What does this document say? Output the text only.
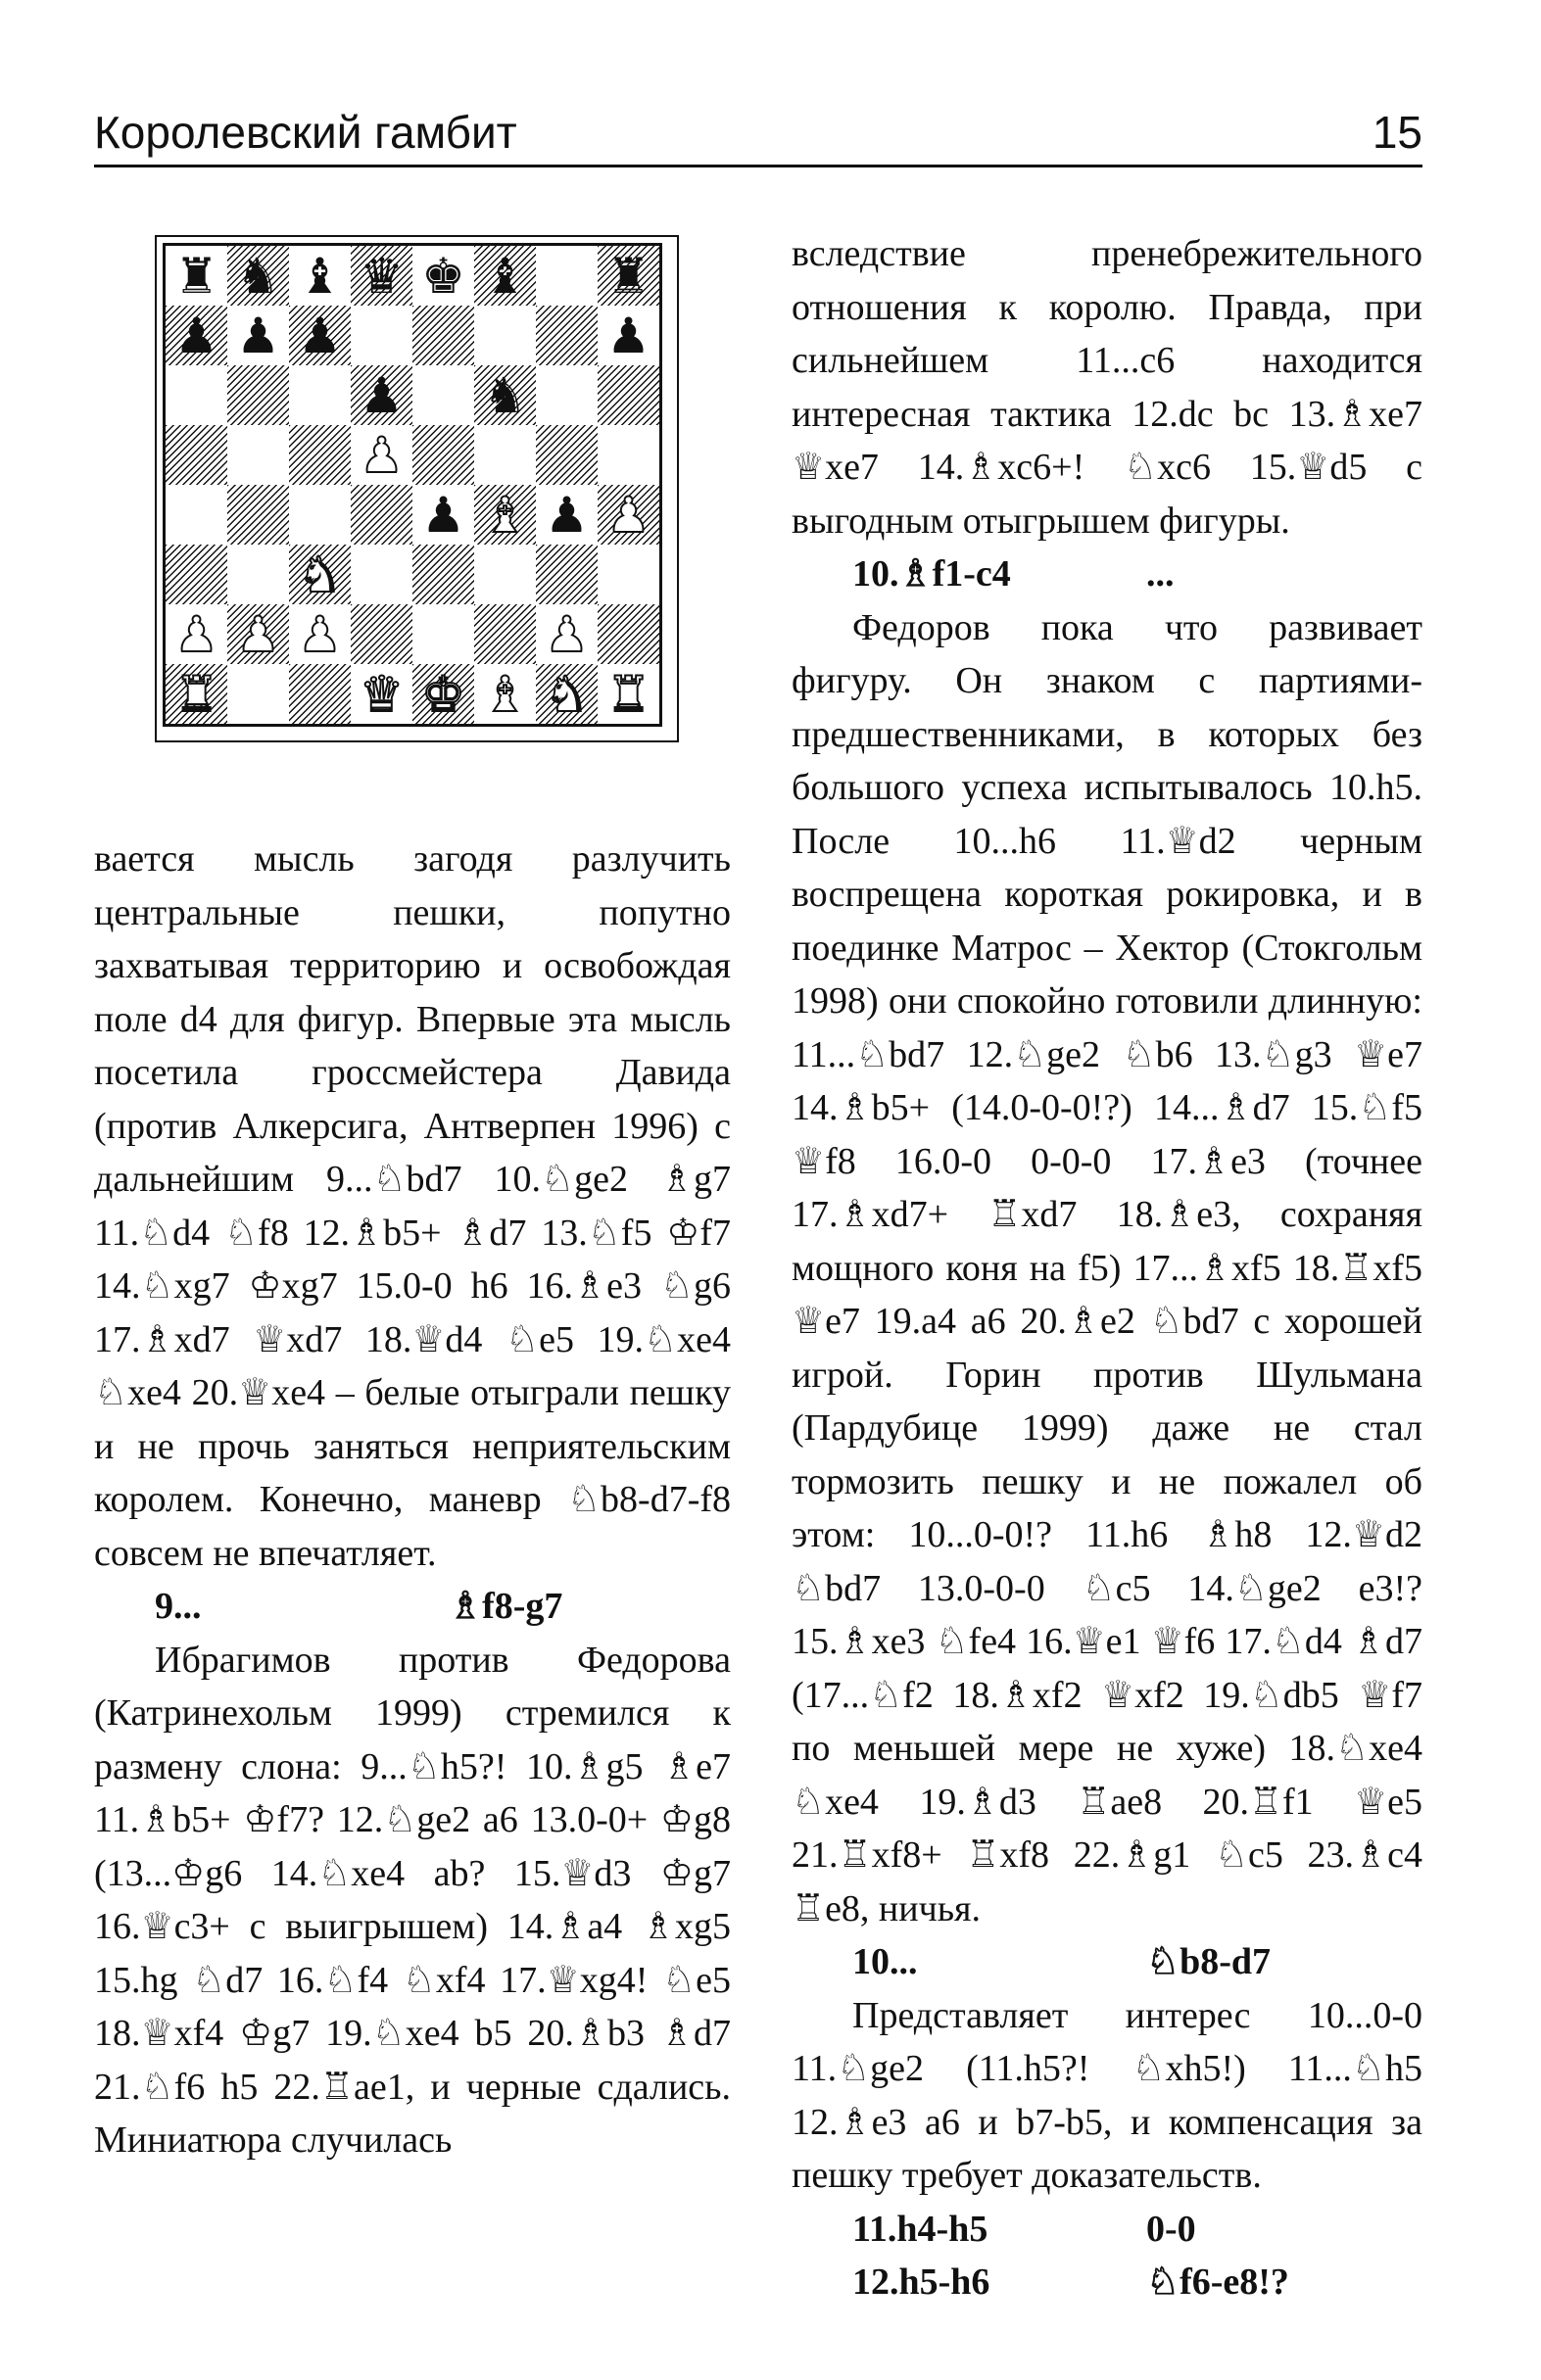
Королевский гамбит	15
♜ ♞ ♝ ♛ ♚ ♝ ♜
♟ ♟ ♟	♟
♟ ♞
♟
♟ ♝ ♟ ♟
♞
♟ ♟ ♟	♟
♜	♛ ♚ ♝ ♞ ♜

вается мысль загодя разлучить центральные пешки, попутно захватывая территорию и освобождая поле d4 для фигур. Впервые эта мысль посетила гроссмейстера Давида (против Алкерсига, Антверпен 1996) с дальнейшим 9...♘bd7 10.♘ge2 ♗g7 11.♘d4 ♘f8 12.♗b5+ ♗d7 13.♘f5 ♔f7 14.♘xg7 ♔xg7 15.0-0 h6 16.♗e3 ♘g6 17.♗xd7 ♕xd7 18.♕d4 ♘e5 19.♘xe4 ♘xe4 20.♕xe4 – белые отыграли пешку и не прочь заняться неприятельским королем. Конечно, маневр ♘b8-d7-f8 совсем не впечатляет.

9...	♗f8-g7

Ибрагимов против Федорова (Катринехольм 1999) стремился к размену слона: 9...♘h5?! 10.♗g5 ♗e7 11.♗b5+ ♔f7? 12.♘ge2 a6 13.0-0+ ♔g8 (13...♔g6 14.♘xe4 ab? 15.♕d3 ♔g7 16.♕c3+ с выигрышем) 14.♗a4 ♗xg5 15.hg ♘d7 16.♘f4 ♘xf4 17.♕xg4! ♘e5 18.♕xf4 ♔g7 19.♘xe4 b5 20.♗b3 ♗d7 21.♘f6 h5 22.♖ae1, и черные сдались. Миниатюра случилась

вследствие пренебрежительного отношения к королю. Правда, при сильнейшем 11...c6 находится интересная тактика 12.dc bc 13.♗xe7 ♕xe7 14.♗xc6+! ♘xc6 15.♕d5 с выгодным отыгрышем фигуры.

10.♗f1-c4	...

Федоров пока что развивает фигуру. Он знаком с партиями-предшественниками, в которых без большого успеха испытывалось 10.h5. После 10...h6 11.♕d2 черным воспрещена короткая рокировка, и в поединке Матрос – Хектор (Стокгольм 1998) они спокойно готовили длинную: 11...♘bd7 12.♘ge2 ♘b6 13.♘g3 ♕e7 14.♗b5+ (14.0-0-0!?) 14...♗d7 15.♘f5 ♕f8 16.0-0 0-0-0 17.♗e3 (точнее 17.♗xd7+ ♖xd7 18.♗e3, сохраняя мощного коня на f5) 17...♗xf5 18.♖xf5 ♕e7 19.a4 a6 20.♗e2 ♘bd7 с хорошей игрой. Горин против Шульмана (Пардубице 1999) даже не стал тормозить пешку и не пожалел об этом: 10...0-0!? 11.h6 ♗h8 12.♕d2 ♘bd7 13.0-0-0 ♘c5 14.♘ge2 e3!? 15.♗xe3 ♘fe4 16.♕e1 ♕f6 17.♘d4 ♗d7 (17...♘f2 18.♗xf2 ♕xf2 19.♘db5 ♕f7 по меньшей мере не хуже) 18.♘xe4 ♘xe4 19.♗d3 ♖ae8 20.♖f1 ♕e5 21.♖xf8+ ♖xf8 22.♗g1 ♘c5 23.♗c4 ♖e8, ничья.

10...	♘b8-d7

Представляет интерес 10...0-0 11.♘ge2 (11.h5?! ♘xh5!) 11...♘h5 12.♗e3 a6 и b7-b5, и компенсация за пешку требует доказательств.

11.h4-h5	0-0
12.h5-h6	♘f6-e8!?
